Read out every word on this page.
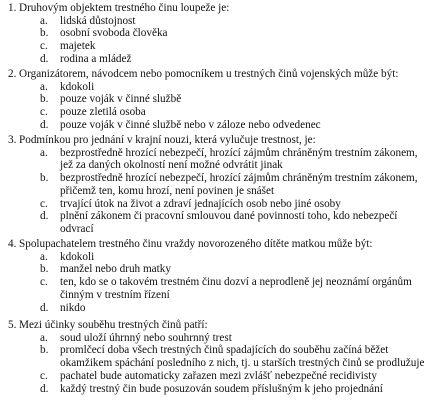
1. Druhovým objektem trestného činu loupeže je:
a.	lidská důstojnost
b.	osobní svoboda člověka
c.	majetek
d.	rodina a mládež
2. Organizátorem, návodcem nebo pomocníkem u trestných činů vojenských může být:
a.	kdokoli
b.	pouze voják v činné službě
c.	pouze zletilá osoba
d.	pouze voják v činné službě nebo v záloze nebo odvedenec
3. Podmínkou pro jednání v krajní nouzi, která vylučuje trestnost, je:
a.	bezprostředně hrozící nebezpečí, hrozící zájmům chráněným trestním zákonem, jež za daných okolností není možné odvrátit jinak
b.	bezprostředně hrozící nebezpečí, hrozící zájmům chráněným trestním zákonem, přičemž ten, komu hrozí, není povinen je snášet
c.	trvající útok na život a zdraví jednajících osob nebo jiné osoby
d.	plnění zákonem či pracovní smlouvou dané povinnosti toho, kdo nebezpečí odvrací
4. Spolupachatelem trestného činu vraždy novorozeného dítěte matkou může být:
a.	kdokoli
b.	manžel nebo druh matky
c.	ten, kdo se o takovém trestném činu dozví a neprodleně jej neoznámí orgánům činným v trestním řízení
d.	nikdo
5. Mezi účinky souběhu trestných činů patří:
a.	soud uloží úhrnný nebo souhrnný trest
b.	promlčecí doba všech trestných činů spadajících do souběhu začíná běžet okamžikem spáchání posledního z nich, tj. u starších trestných činů se prodlužuje
c.	pachatel bude automaticky zařazen mezi zvlášť nebezpečné recidivisty
d.	každý trestný čin bude posuzován soudem příslušným k jeho projednání
